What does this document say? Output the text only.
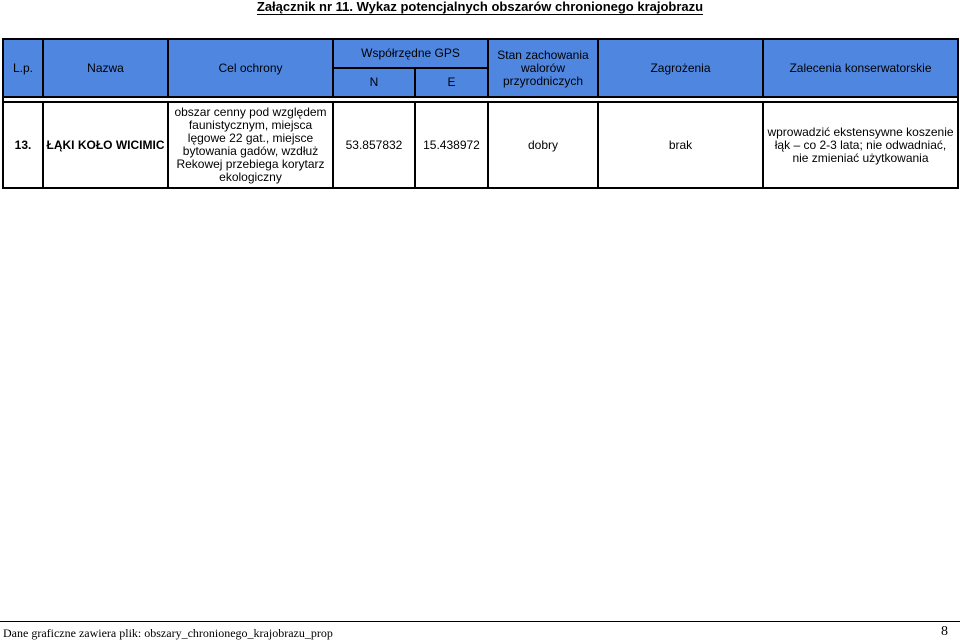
Załącznik nr 11. Wykaz potencjalnych obszarów chronionego krajobrazu
L.p.	Nazwa	Cel ochrony	Współrzędne GPS		Stan zachowania walorów przyrodniczych	Zagrożenia	Zalecenia konserwatorskie
			N	E			

13.	ŁĄKI KOŁO WICIMIC	obszar cenny pod względem faunistycznym, miejsca lęgowe 22 gat., miejsce bytowania gadów, wzdłuż Rekowej przebiega korytarz ekologiczny	53.857832	15.438972	dobry	brak	wprowadzić ekstensywne koszenie łąk – co 2-3 lata; nie odwadniać, nie zmieniać użytkowania
Dane graficzne zawiera plik: obszary_chronionego_krajobrazu_prop	8
